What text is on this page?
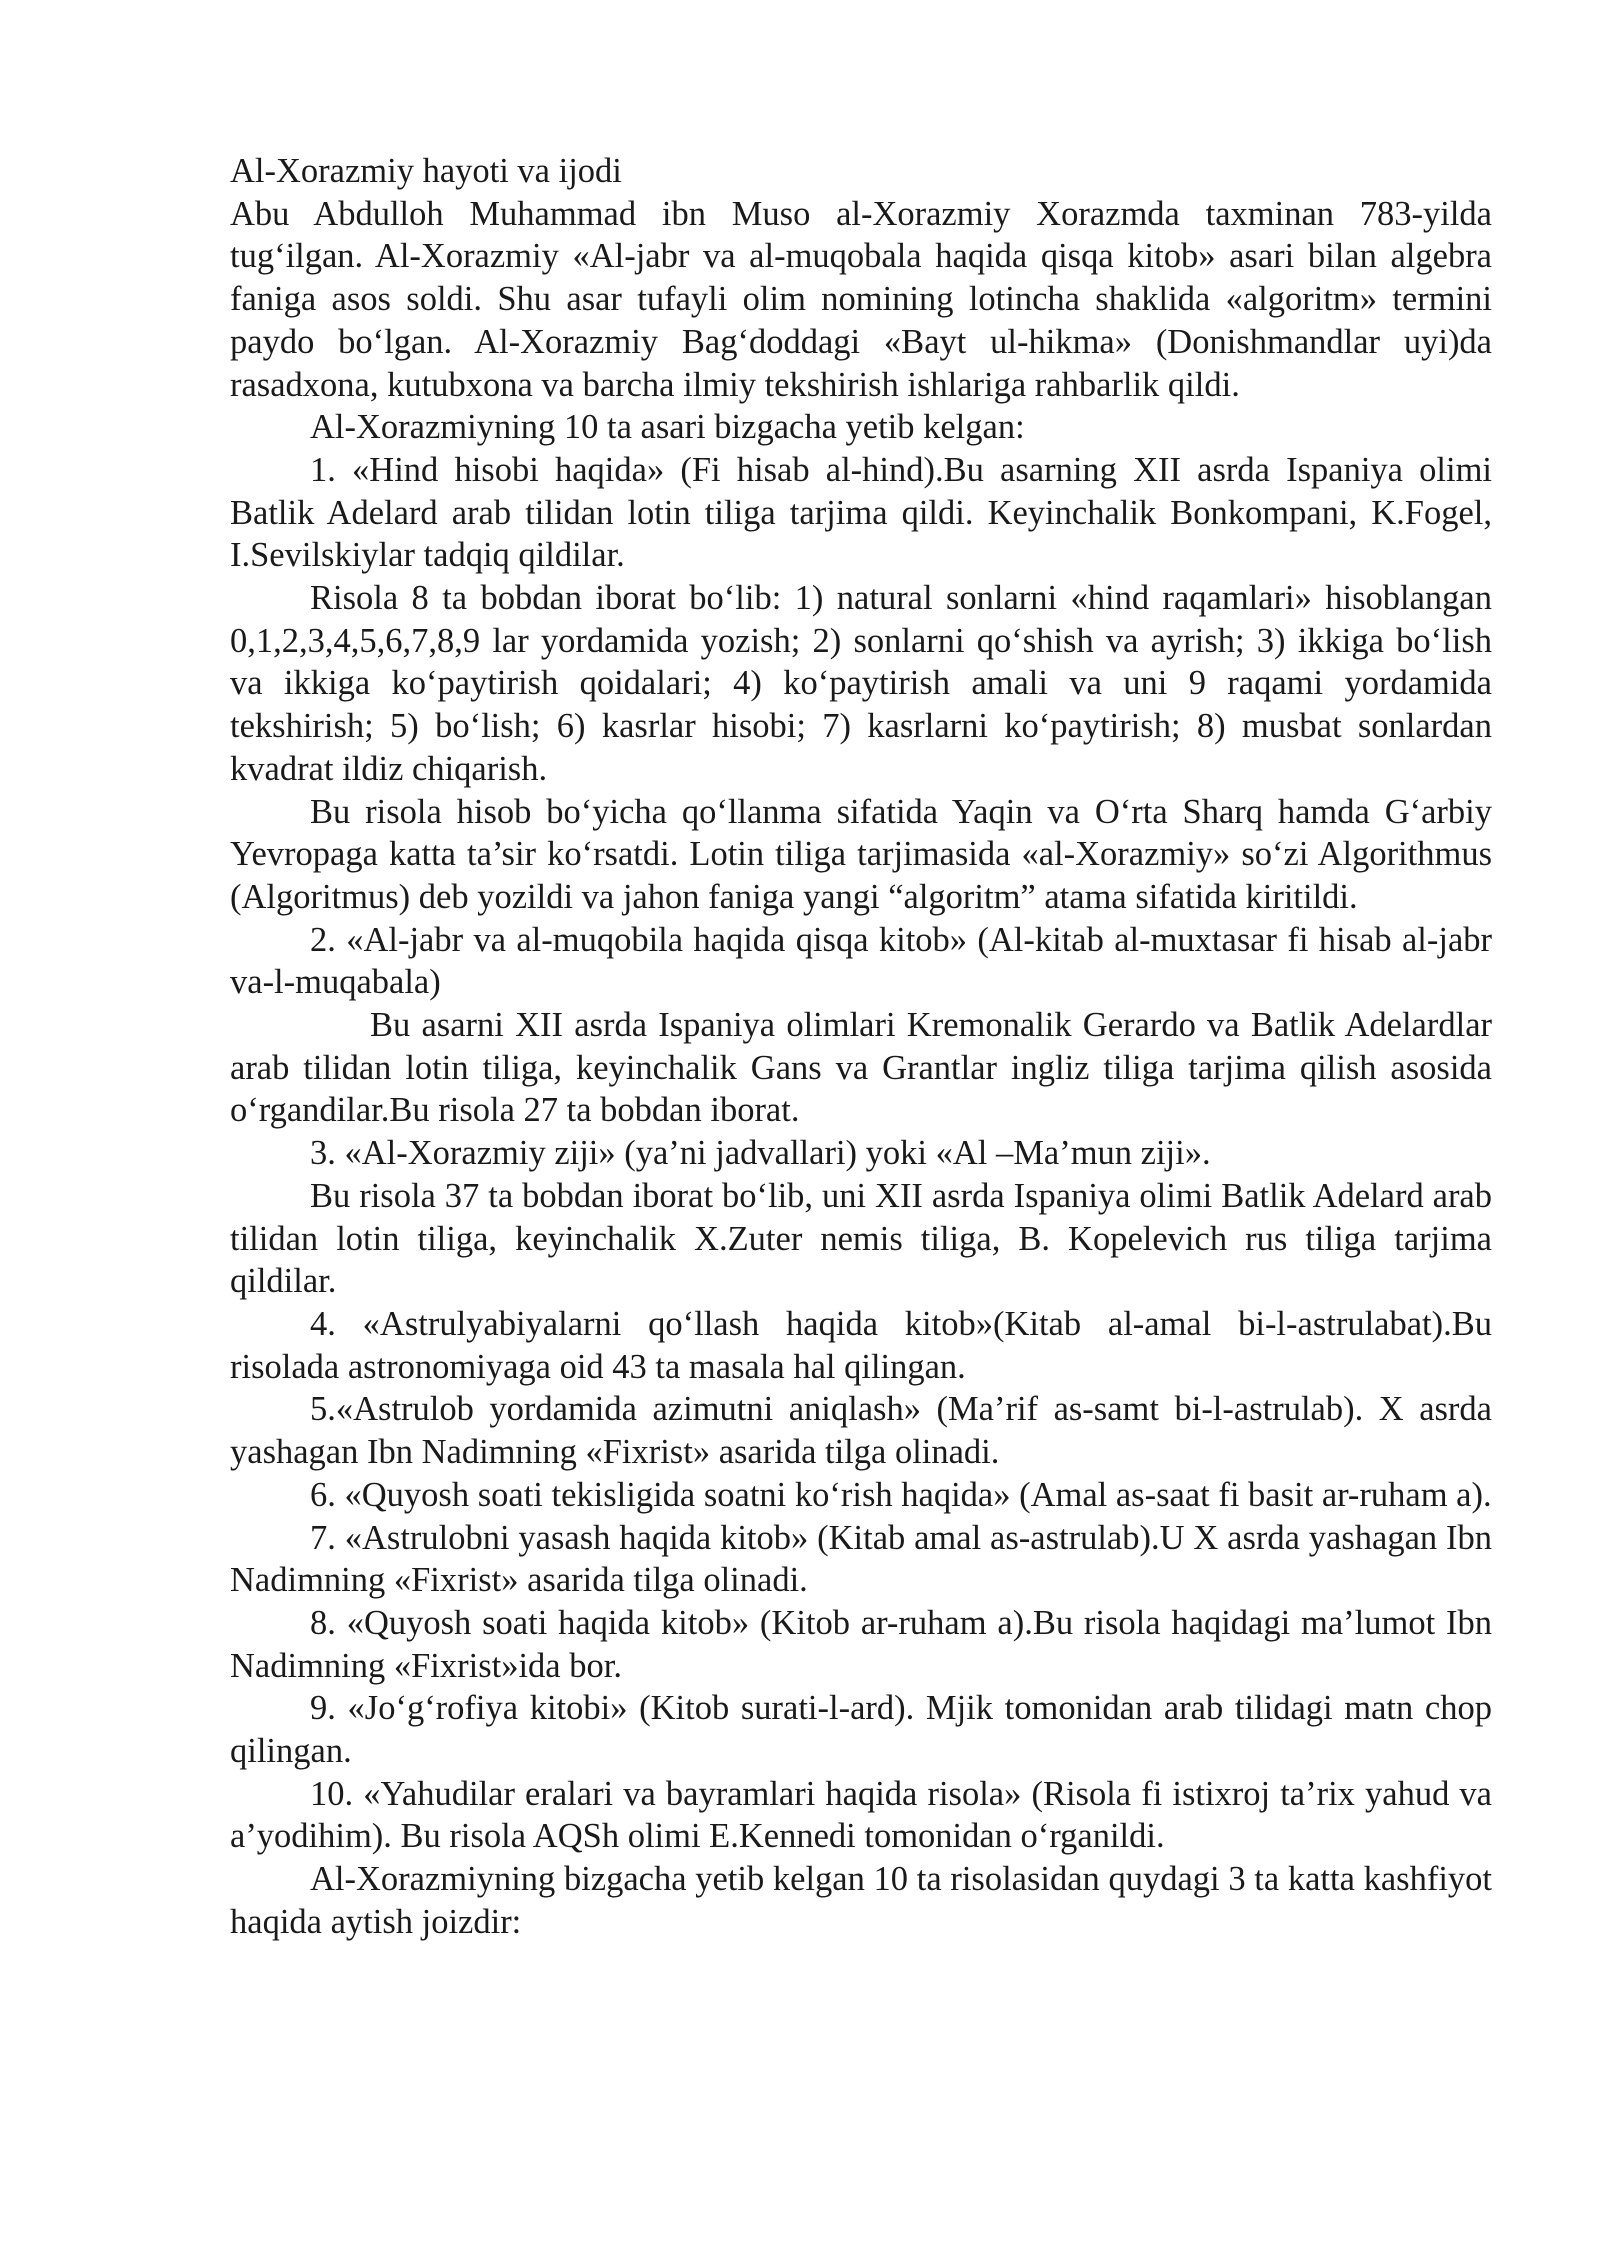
Al-Xorazmiy hayoti va ijodi

Abu Abdulloh Muhammad ibn Muso al-Xorazmiy Xorazmda taxminan 783-yilda tug‘ilgan. Al-Xorazmiy «Al-jabr va al-muqobala haqida qisqa kitob» asari bilan algebra faniga asos soldi. Shu asar tufayli olim nomining lotincha shaklida «algoritm» termini paydo bo‘lgan. Al-Xorazmiy Bag‘doddagi «Bayt ul-hikma» (Donishmandlar uyi)da rasadxona, kutubxona va barcha ilmiy tekshirish ishlariga rahbarlik qildi.

Al-Xorazmiyning 10 ta asari bizgacha yetib kelgan:

1. «Hind hisobi haqida» (Fi hisab al-hind).Bu asarning XII asrda Ispaniya olimi Batlik Adelard arab tilidan lotin tiliga tarjima qildi. Keyinchalik Bonkompani, K.Fogel, I.Sevilskiylar tadqiq qildilar.

Risola 8 ta bobdan iborat bo‘lib: 1) natural sonlarni «hind raqamlari» hisoblangan 0,1,2,3,4,5,6,7,8,9 lar yordamida yozish; 2) sonlarni qo‘shish va ayrish; 3) ikkiga bo‘lish va ikkiga ko‘paytirish qoidalari; 4) ko‘paytirish amali va uni 9 raqami yordamida tekshirish; 5) bo‘lish; 6) kasrlar hisobi; 7) kasrlarni ko‘paytirish; 8) musbat sonlardan kvadrat ildiz chiqarish.

Bu risola hisob bo‘yicha qo‘llanma sifatida Yaqin va O‘rta Sharq hamda G‘arbiy Yevropaga katta ta’sir ko‘rsatdi. Lotin tiliga tarjimasida «al-Xorazmiy» so‘zi Algorithmus (Algoritmus) deb yozildi va jahon faniga yangi “algoritm” atama sifatida kiritildi.

2. «Al-jabr va al-muqobila haqida qisqa kitob» (Al-kitab al-muxtasar fi hisab al-jabr va-l-muqabala)

Bu asarni XII asrda Ispaniya olimlari Kremonalik Gerardo va Batlik Adelardlar arab tilidan lotin tiliga, keyinchalik Gans va Grantlar ingliz tiliga tarjima qilish asosida o‘rgandilar.Bu risola 27 ta bobdan iborat.

3. «Al-Xorazmiy ziji» (ya’ni jadvallari) yoki «Al –Ma’mun ziji».

Bu risola 37 ta bobdan iborat bo‘lib, uni XII asrda Ispaniya olimi Batlik Adelard arab tilidan lotin tiliga, keyinchalik X.Zuter nemis tiliga, B. Kopelevich rus tiliga tarjima qildilar.

4. «Astrulyabiyalarni qo‘llash haqida kitob»(Kitab al-amal bi-l-astrulabat).Bu risolada astronomiyaga oid 43 ta masala hal qilingan.

5.«Astrulob yordamida azimutni aniqlash» (Ma’rif as-samt bi-l-astrulab). X asrda yashagan Ibn Nadimning «Fixrist» asarida tilga olinadi.

6. «Quyosh soati tekisligida soatni ko‘rish haqida» (Amal as-saat fi basit ar-ruham a).

7. «Astrulobni yasash haqida kitob» (Kitab amal as-astrulab).U X asrda yashagan Ibn Nadimning «Fixrist» asarida tilga olinadi.

8. «Quyosh soati haqida kitob» (Kitob ar-ruham a).Bu risola haqidagi ma’lumot Ibn Nadimning «Fixrist»ida bor.

9. «Jo‘g‘rofiya kitobi» (Kitob surati-l-ard). Mjik tomonidan arab tilidagi matn chop qilingan.

10. «Yahudilar eralari va bayramlari haqida risola» (Risola fi istixroj ta’rix yahud va a’yodihim). Bu risola AQSh olimi E.Kennedi tomonidan o‘rganildi.

Al-Xorazmiyning bizgacha yetib kelgan 10 ta risolasidan quydagi 3 ta katta kashfiyot haqida aytish joizdir:
